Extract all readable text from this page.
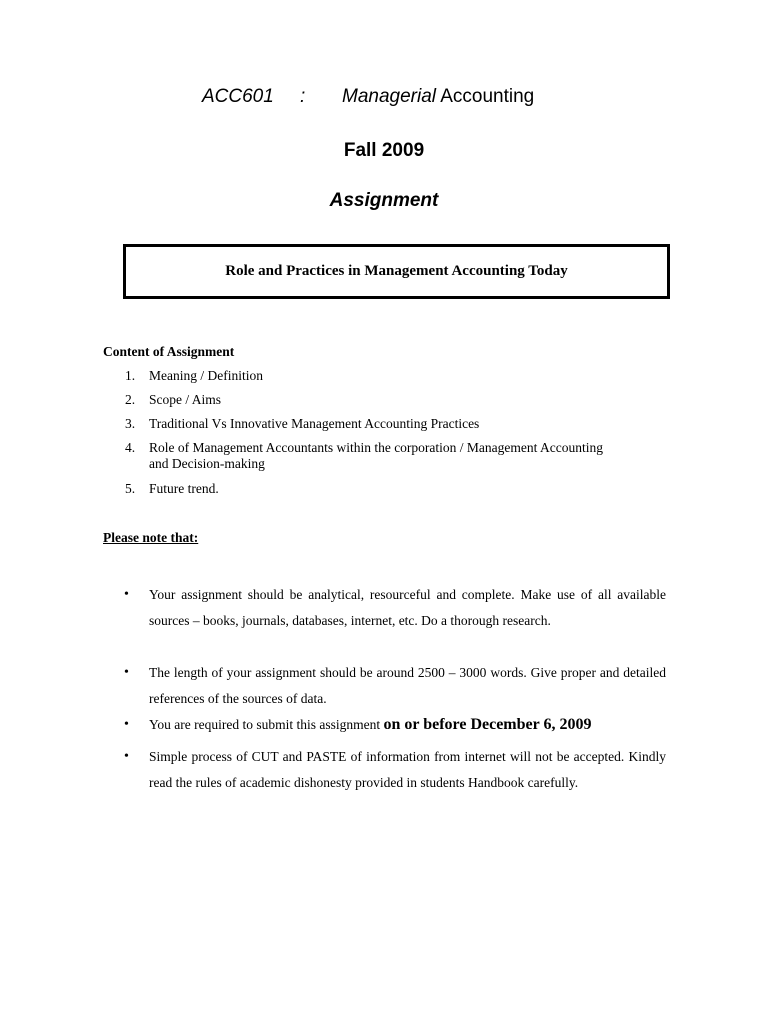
ACC601 : Managerial Accounting
Fall 2009
Assignment
Role and Practices in Management Accounting Today
Content of Assignment
1. Meaning / Definition
2. Scope / Aims
3. Traditional Vs Innovative Management Accounting Practices
4. Role of Management Accountants within the corporation / Management Accounting and Decision-making
5. Future trend.
Please note that:
• Your assignment should be analytical, resourceful and complete. Make use of all available sources – books, journals, databases, internet, etc. Do a thorough research.
• The length of your assignment should be around 2500 – 3000 words. Give proper and detailed references of the sources of data.
• You are required to submit this assignment on or before December 6, 2009
• Simple process of CUT and PASTE of information from internet will not be accepted. Kindly read the rules of academic dishonesty provided in students Handbook carefully.
